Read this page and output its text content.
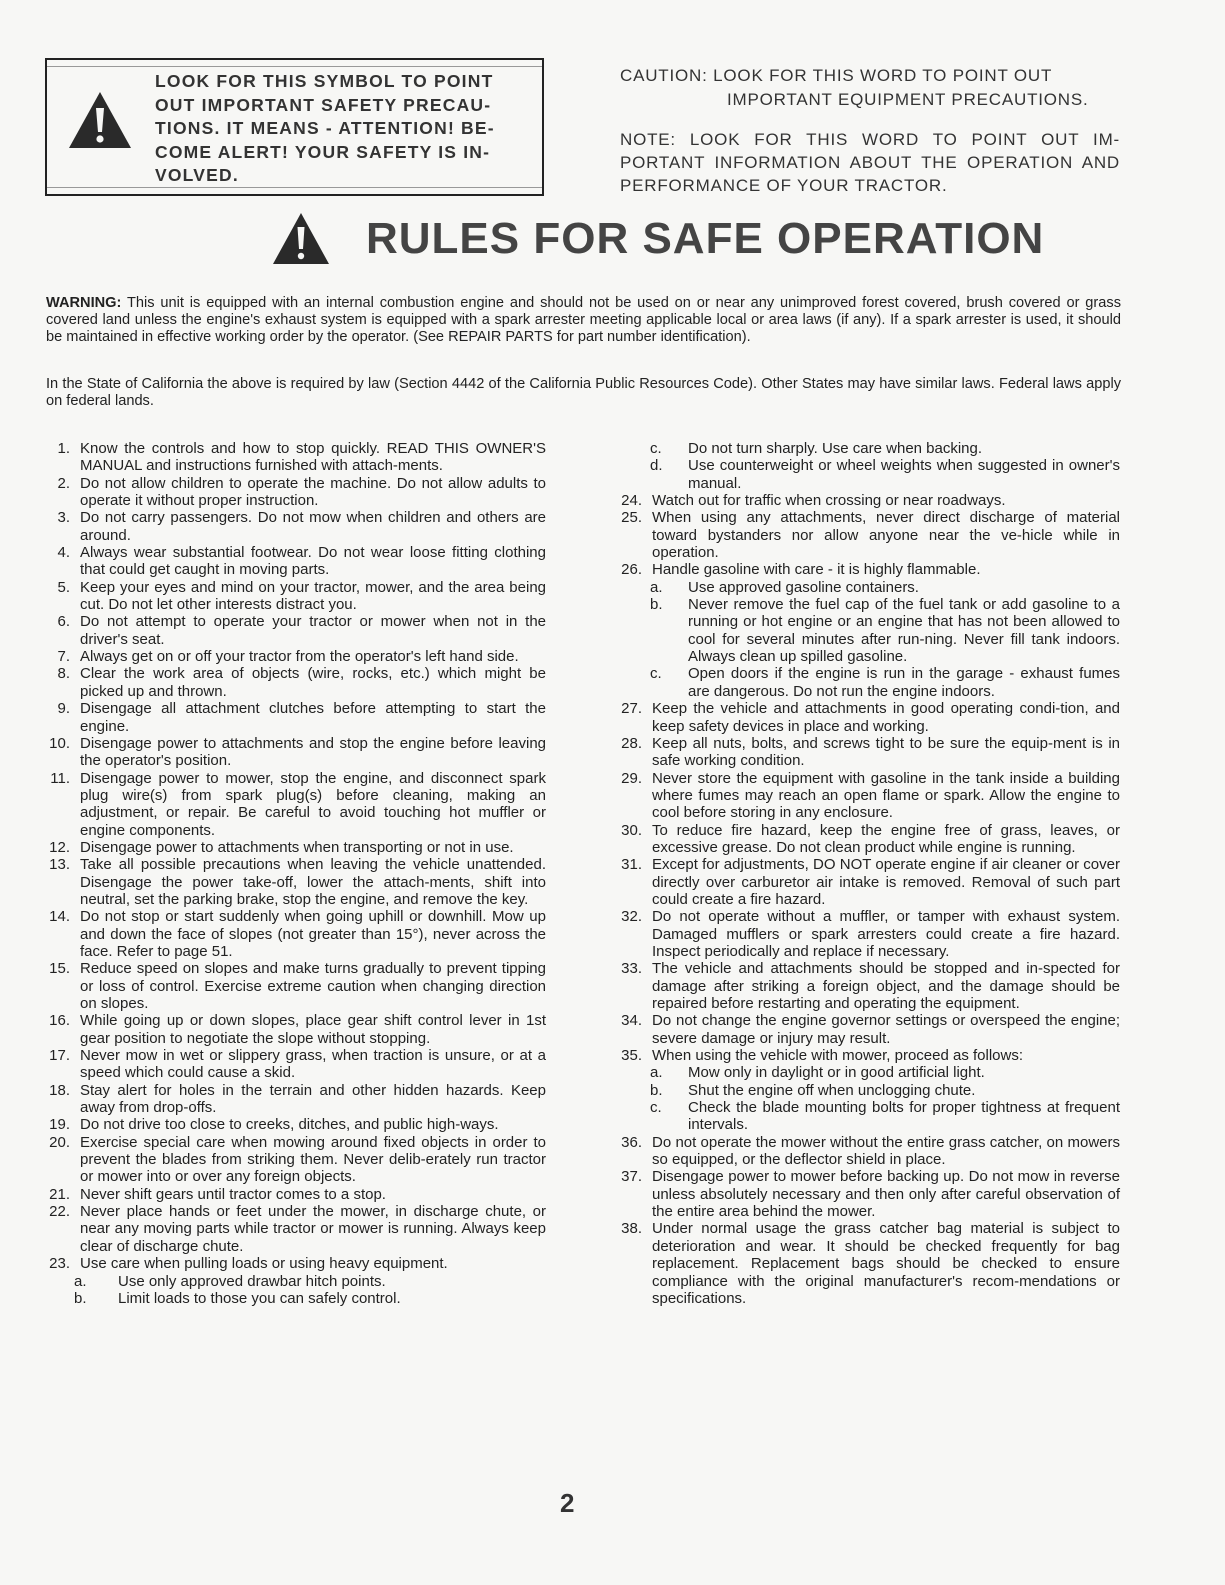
LOOK FOR THIS SYMBOL TO POINT OUT IMPORTANT SAFETY PRECAU-TIONS. IT MEANS - ATTENTION! BE-COME ALERT! YOUR SAFETY IS IN-VOLVED.
CAUTION: LOOK FOR THIS WORD TO POINT OUT
IMPORTANT EQUIPMENT PRECAUTIONS.
NOTE: LOOK FOR THIS WORD TO POINT OUT IM-PORTANT INFORMATION ABOUT THE OPERATION AND PERFORMANCE OF YOUR TRACTOR.
RULES FOR SAFE OPERATION
WARNING: This unit is equipped with an internal combustion engine and should not be used on or near any unimproved forest covered, brush covered or grass covered land unless the engine's exhaust system is equipped with a spark arrester meeting applicable local or area laws (if any). If a spark arrester is used, it should be maintained in effective working order by the operator. (See REPAIR PARTS for part number identification).
In the State of California the above is required by law (Section 4442 of the California Public Resources Code). Other States may have similar laws. Federal laws apply on federal lands.
1. Know the controls and how to stop quickly. READ THIS OWNER'S MANUAL and instructions furnished with attach-ments.
2. Do not allow children to operate the machine. Do not allow adults to operate it without proper instruction.
3. Do not carry passengers. Do not mow when children and others are around.
4. Always wear substantial footwear. Do not wear loose fitting clothing that could get caught in moving parts.
5. Keep your eyes and mind on your tractor, mower, and the area being cut. Do not let other interests distract you.
6. Do not attempt to operate your tractor or mower when not in the driver's seat.
7. Always get on or off your tractor from the operator's left hand side.
8. Clear the work area of objects (wire, rocks, etc.) which might be picked up and thrown.
9. Disengage all attachment clutches before attempting to start the engine.
10. Disengage power to attachments and stop the engine before leaving the operator's position.
11. Disengage power to mower, stop the engine, and disconnect spark plug wire(s) from spark plug(s) before cleaning, making an adjustment, or repair. Be careful to avoid touching hot muffler or engine components.
12. Disengage power to attachments when transporting or not in use.
13. Take all possible precautions when leaving the vehicle unattended. Disengage the power take-off, lower the attach-ments, shift into neutral, set the parking brake, stop the engine, and remove the key.
14. Do not stop or start suddenly when going uphill or downhill. Mow up and down the face of slopes (not greater than 15°), never across the face. Refer to page 51.
15. Reduce speed on slopes and make turns gradually to prevent tipping or loss of control. Exercise extreme caution when changing direction on slopes.
16. While going up or down slopes, place gear shift control lever in 1st gear position to negotiate the slope without stopping.
17. Never mow in wet or slippery grass, when traction is unsure, or at a speed which could cause a skid.
18. Stay alert for holes in the terrain and other hidden hazards. Keep away from drop-offs.
19. Do not drive too close to creeks, ditches, and public high-ways.
20. Exercise special care when mowing around fixed objects in order to prevent the blades from striking them. Never delib-erately run tractor or mower into or over any foreign objects.
21. Never shift gears until tractor comes to a stop.
22. Never place hands or feet under the mower, in discharge chute, or near any moving parts while tractor or mower is running. Always keep clear of discharge chute.
23. Use care when pulling loads or using heavy equipment.
a. Use only approved drawbar hitch points.
b. Limit loads to those you can safely control.
c. Do not turn sharply. Use care when backing.
d. Use counterweight or wheel weights when suggested in owner's manual.
24. Watch out for traffic when crossing or near roadways.
25. When using any attachments, never direct discharge of material toward bystanders nor allow anyone near the ve-hicle while in operation.
26. Handle gasoline with care - it is highly flammable.
a. Use approved gasoline containers.
b. Never remove the fuel cap of the fuel tank or add gasoline to a running or hot engine or an engine that has not been allowed to cool for several minutes after run-ning. Never fill tank indoors. Always clean up spilled gasoline.
c. Open doors if the engine is run in the garage - exhaust fumes are dangerous. Do not run the engine indoors.
27. Keep the vehicle and attachments in good operating condi-tion, and keep safety devices in place and working.
28. Keep all nuts, bolts, and screws tight to be sure the equip-ment is in safe working condition.
29. Never store the equipment with gasoline in the tank inside a building where fumes may reach an open flame or spark. Allow the engine to cool before storing in any enclosure.
30. To reduce fire hazard, keep the engine free of grass, leaves, or excessive grease. Do not clean product while engine is running.
31. Except for adjustments, DO NOT operate engine if air cleaner or cover directly over carburetor air intake is removed. Removal of such part could create a fire hazard.
32. Do not operate without a muffler, or tamper with exhaust system. Damaged mufflers or spark arresters could create a fire hazard. Inspect periodically and replace if necessary.
33. The vehicle and attachments should be stopped and in-spected for damage after striking a foreign object, and the damage should be repaired before restarting and operating the equipment.
34. Do not change the engine governor settings or overspeed the engine; severe damage or injury may result.
35. When using the vehicle with mower, proceed as follows:
a. Mow only in daylight or in good artificial light.
b. Shut the engine off when unclogging chute.
c. Check the blade mounting bolts for proper tightness at frequent intervals.
36. Do not operate the mower without the entire grass catcher, on mowers so equipped, or the deflector shield in place.
37. Disengage power to mower before backing up. Do not mow in reverse unless absolutely necessary and then only after careful observation of the entire area behind the mower.
38. Under normal usage the grass catcher bag material is subject to deterioration and wear. It should be checked frequently for bag replacement. Replacement bags should be checked to ensure compliance with the original manufacturer's recom-mendations or specifications.
2
